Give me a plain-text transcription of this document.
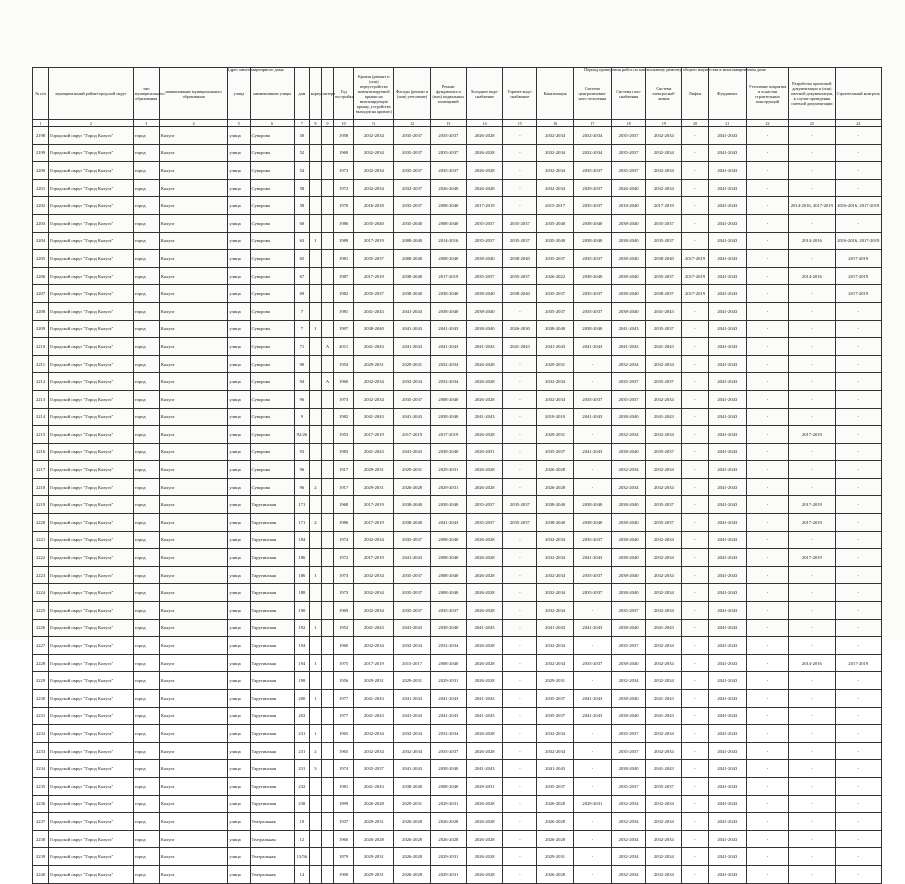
Адрес многоквартирного дома	Период проведения работ по капитальному ремонту общего имущества в многоквартирном доме
№ п/п	муниципальный район/городской округ	тип муниципального образования	наименование муниципального образования	улица	наименование улицы	дом	корпус	литера	Год постройки	Кровля (ремонт и (или) переустройство невентилируемой крыши на вентилируемую крышу, устройство выходов на кровлю)	Фасады (ремонт и (или) утепление)	Ремонт фундамента и (или) подвальных помещений	Холодное водо-снабжение	Горячее водо-снабжение	Канализация	Система централизован-ного отопления	Система газо-снабжения	Система электроснаб-жения	Лифты	Фундамент	Утепление покрытия и оснастки строительных конструкций	Разработка проектной документации и (или) сметной документации, в случае проведения сметной документации	Строительный контроль
1	2	3	4	5	6	7	8	9	10	11	12	13	14	15	16	17	18	19	20	21	22	23	24
2198	Городской округ "Город Калуга"	город	Калуга	улица	Суворова	50			1958	2032-2034	2035-2037	2035-2037	2026-2028	-	2032-2034	2032-2034	2035-2037	2032-2034	-	2041-2043	-	-	-
2199	Городской округ "Город Калуга"	город	Калуга	улица	Суворова	52			1969	2032-2034	2035-2037	2035-2037	2026-2028	-	2032-2034	2032-2034	2035-2037	2032-2034	-	2041-2043	-	-	-
2200	Городской округ "Город Калуга"	город	Калуга	улица	Суворова	54			1973	2032-2034	2035-2037	2035-2037	2026-2028	-	2032-2034	2035-2037	2035-2037	2032-2034	-	2041-2043	-	-	-
2201	Городской округ "Город Калуга"	город	Калуга	улица	Суворова	58			1972	2032-2034	2032-2037	2026-2040	2026-2028	-	2032-2034	2029-2037	2026-2040	2032-2034	-	2041-2043	-	-	-
2202	Городской округ "Город Калуга"	город	Калуга	улица	Суворова	58			1970	2016-2018	2035-2037	2008-2040	2017-2019	-	2015-2017	2035-2037	2018-2040	2017-2019	-	2041-2043	-	2014-2016, 2017-2019	2016-2016, 2017-2019
2203	Городской округ "Город Калуга"	город	Калуга	улица	Суворова	60			1986	2035-2040	2035-2040	2008-2040	2035-2037	2035-2037	2035-2040	2038-2040	2038-2040	2035-2037	-	2041-2043	-	-	-
2204	Городской округ "Город Калуга"	город	Калуга	улица	Суворова	63	1		1989	2017-2019	2008-2040	2014-2016	2035-2037	2035-2037	2035-2040	2038-2040	2038-2040	2035-2037	-	2041-2043	-	2014-2016	2016-2016, 2017-2019
2205	Городской округ "Город Калуга"	город	Калуга	улица	Суворова	65			1981	2035-2037	2008-2040	2008-2040	2038-2040	2038-2040	2035-2037	2035-2037	2038-2040	2038-2040	2017-2019	2041-2043	-	-	2017-2019
2206	Городской округ "Город Калуга"	город	Калуга	улица	Суворова	67			1987	2017-2019	2038-2040	2017-2019	2035-2037	2035-2037	2026-2022	2038-2040	2038-2040	2035-2037	2017-2019	2041-2043	-	2014-2016	2017-2019
2207	Городской округ "Город Калуга"	город	Калуга	улица	Суворова	69			1982	2035-2037	2038-2040	2038-2040	2038-2040	2038-2040	2035-2037	2035-2037	2038-2040	2038-2037	2017-2019	2041-2043	-	-	2017-2019
2208	Городской округ "Город Калуга"	город	Калуга	улица	Суворова	7			1981	2041-2043	2041-2043	2038-2040	2038-2040	-	2035-2037	2035-2037	2038-2040	2041-2043	-	2041-2043	-	-	-
2209	Городской округ "Город Калуга"	город	Калуга	улица	Суворова	7	1		1997	2038-2040	2041-2043	2041-2043	2038-2040	2026-2030	2038-2040	2038-2040	2041-2043	2035-2037	-	2041-2043	-	-	-
2210	Городской округ "Город Калуга"	город	Калуга	улица	Суворова	71		А	2011	2041-2043	2041-2043	2041-2043	2041-2043	2041-2043	2041-2043	2041-2043	2041-2043	2041-2043	-	2041-2043	-	-	-
2211	Городской округ "Город Калуга"	город	Калуга	улица	Суворова	90			1954	2029-2031	2029-2031	2032-2034	2026-2028	-	2029-2031	-	2032-2034	2032-2034	-	2041-2043	-	-	-
2212	Городской округ "Город Калуга"	город	Калуга	улица	Суворова	94		А	1960	2032-2034	2032-2034	2032-2034	2026-2028	-	2032-2034	-	2035-2037	2035-2037	-	2041-2043	-	-	-
2213	Городской округ "Город Калуга"	город	Калуга	улица	Суворова	96			1973	2032-2034	2035-2037	2008-2040	2026-2028	-	2032-2034	2035-2037	2035-2037	2032-2034	-	2041-2043	-	-	-
2214	Городской округ "Город Калуга"	город	Калуга	улица	Суворова	9			1982	2041-2043	2041-2043	2038-2040	2041-2043	-	2010-2010	2041-2043	2038-2040	2041-2043	-	2041-2043	-	-	-
2215	Городской округ "Город Калуга"	город	Калуга	улица	Суворова	92/26			1953	2017-2019	2017-2019	2017-2019	2026-2028	-	2029-2031	-	2032-2034	2032-2034	-	2041-2043	-	2017-2019	-
2216	Городской округ "Город Калуга"	город	Калуга	улица	Суворова	93			1983	2041-2043	2041-2043	2038-2040	2020-2031	-	2035-2037	2041-2043	2038-2040	2035-2037	-	2041-2043	-	-	-
2217	Городской округ "Город Калуга"	город	Калуга	улица	Суворова	96			1917	2029-2031	2029-2031	2029-2031	2026-2028	-	2026-2028	-	2032-2034	2032-2034	-	2041-2043	-	-	-
2218	Городской округ "Город Калуга"	город	Калуга	улица	Суворова	96	2		1917	2029-2031	2026-2028	2029-2031	2026-2028	-	2026-2028	-	2032-2034	2032-2034	-	2041-2043	-	-	-
2219	Городской округ "Город Калуга"	город	Калуга	улица	Тарутинская	171			1968	2017-2019	2038-2040	2038-2040	2035-2037	2035-2037	2038-2040	2038-2040	2038-2040	2035-2037	-	2041-2043	-	2017-2019	-
2220	Городской округ "Город Калуга"	город	Калуга	улица	Тарутинская	171	2		1986	2017-2019	2038-2040	2041-2043	2035-2037	2035-2037	2038-2040	2038-2040	2038-2040	2035-2037	-	2041-2043	-	2017-2019	-
2221	Городской округ "Город Калуга"	город	Калуга	улица	Тарутинская	184			1974	2032-2034	2035-2037	2008-2040	2026-2028	-	2032-2034	2035-2037	2038-2040	2032-2034	-	2041-2043	-	-	-
2222	Городской округ "Город Калуга"	город	Калуга	улица	Тарутинская	186			1972	2017-2019	2041-2043	2008-2040	2026-2028	-	2032-2034	2041-2043	2038-2040	2032-2034	-	2041-2043	-	2017-2019	-
2223	Городской округ "Город Калуга"	город	Калуга	улица	Тарутинская	186	1		1973	2032-2034	2035-2037	2008-2040	2026-2028	-	2032-2034	2035-2037	2038-2040	2032-2034	-	2041-2043	-	-	-
2224	Городской округ "Город Калуга"	город	Калуга	улица	Тарутинская	188			1973	2032-2034	2035-2037	2008-2040	2026-2028	-	2032-2034	2035-2037	2038-2040	2032-2034	-	2041-2043	-	-	-
2225	Городской округ "Город Калуга"	город	Калуга	улица	Тарутинская	190			1969	2032-2034	2035-2037	2035-2037	2026-2028	-	2032-2034	-	2035-2037	2032-2034	-	2041-2043	-	-	-
2226	Городской округ "Город Калуга"	город	Калуга	улица	Тарутинская	192	1		1952	2041-2043	2041-2043	2038-2040	2041-2043	-	2041-2043	2041-2043	2038-2040	2041-2043	-	2041-2043	-	-	-
2227	Городской округ "Город Калуга"	город	Калуга	улица	Тарутинская	194			1960	2032-2034	2032-2034	2032-2034	2026-2028	-	2032-2034	-	2035-2037	2032-2034	-	2041-2043	-	-	-
2228	Городской округ "Город Калуга"	город	Калуга	улица	Тарутинская	194	1		1975	2017-2019	2015-2017	2008-2040	2026-2028	-	2032-2034	2035-2037	2038-2040	2032-2034	-	2041-2043	-	2014-2016	2017-2019
2229	Городской округ "Город Калуга"	город	Калуга	улица	Тарутинская	198			1956	2029-2031	2029-2031	2029-2031	2026-2028	-	2029-2031	-	2032-2034	2032-2034	-	2041-2043	-	-	-
2230	Городской округ "Город Калуга"	город	Калуга	улица	Тарутинская	200	1		1977	2041-2043	2041-2043	2041-2043	2041-2043	-	2035-2037	2041-2043	2038-2040	2041-2043	-	2041-2043	-	-	-
2231	Городской округ "Город Калуга"	город	Калуга	улица	Тарутинская	202			1977	2041-2043	2041-2043	2041-2043	2041-2043	-	2035-2037	2041-2043	2038-2040	2041-2043	-	2041-2043	-	-	-
2232	Городской округ "Город Калуга"	город	Калуга	улица	Тарутинская	231	1		1965	2032-2034	2032-2034	2032-2034	2026-2028	-	2032-2034	-	2035-2037	2032-2034	-	2041-2043	-	-	-
2233	Городской округ "Город Калуга"	город	Калуга	улица	Тарутинская	231	2		1965	2032-2034	2032-2034	2035-2037	2026-2028	-	2032-2034	-	2035-2037	2032-2034	-	2041-2043	-	-	-
2234	Городской округ "Город Калуга"	город	Калуга	улица	Тарутинская	231	3		1974	2035-2037	2041-2043	2038-2040	2041-2043	-	2041-2043	-	2038-2040	2041-2043	-	2041-2043	-	-	-
2235	Городской округ "Город Калуга"	город	Калуга	улица	Тарутинская	232			1981	2041-2043	2038-2040	2008-2040	2029-2031	-	2035-2037	-	2035-2037	2035-2037	-	2041-2043	-	-	-
2236	Городской округ "Город Калуга"	город	Калуга	улица	Тарутинская	238			1899	2026-2028	2029-2031	2029-2031	2026-2028	-	2026-2028	2029-2031	2032-2034	2032-2034	-	2041-2043	-	-	-
2237	Городской округ "Город Калуга"	город	Калуга	улица	Театральная	10			1937	2029-2031	2026-2028	2026-2028	2026-2028	-	2026-2028	-	2032-2034	2032-2034	-	2041-2043	-	-	-
2238	Городской округ "Город Калуга"	город	Калуга	улица	Театральная	12			1960	2026-2028	2026-2028	2026-2028	2026-2028	-	2026-2028	-	2032-2034	2032-2034	-	2041-2043	-	-	-
2239	Городской округ "Город Калуга"	город	Калуга	улица	Театральная	13/56			1879	2029-2031	2026-2028	2029-2031	2026-2028	-	2029-2031	-	2032-2034	2032-2034	-	2041-2043	-	-	-
2240	Городской округ "Город Калуга"	город	Калуга	улица	Театральная	14			1900	2029-2031	2026-2028	2029-2031	2026-2028	-	2026-2028	-	2032-2034	2032-2034	-	2041-2043	-	-	-
